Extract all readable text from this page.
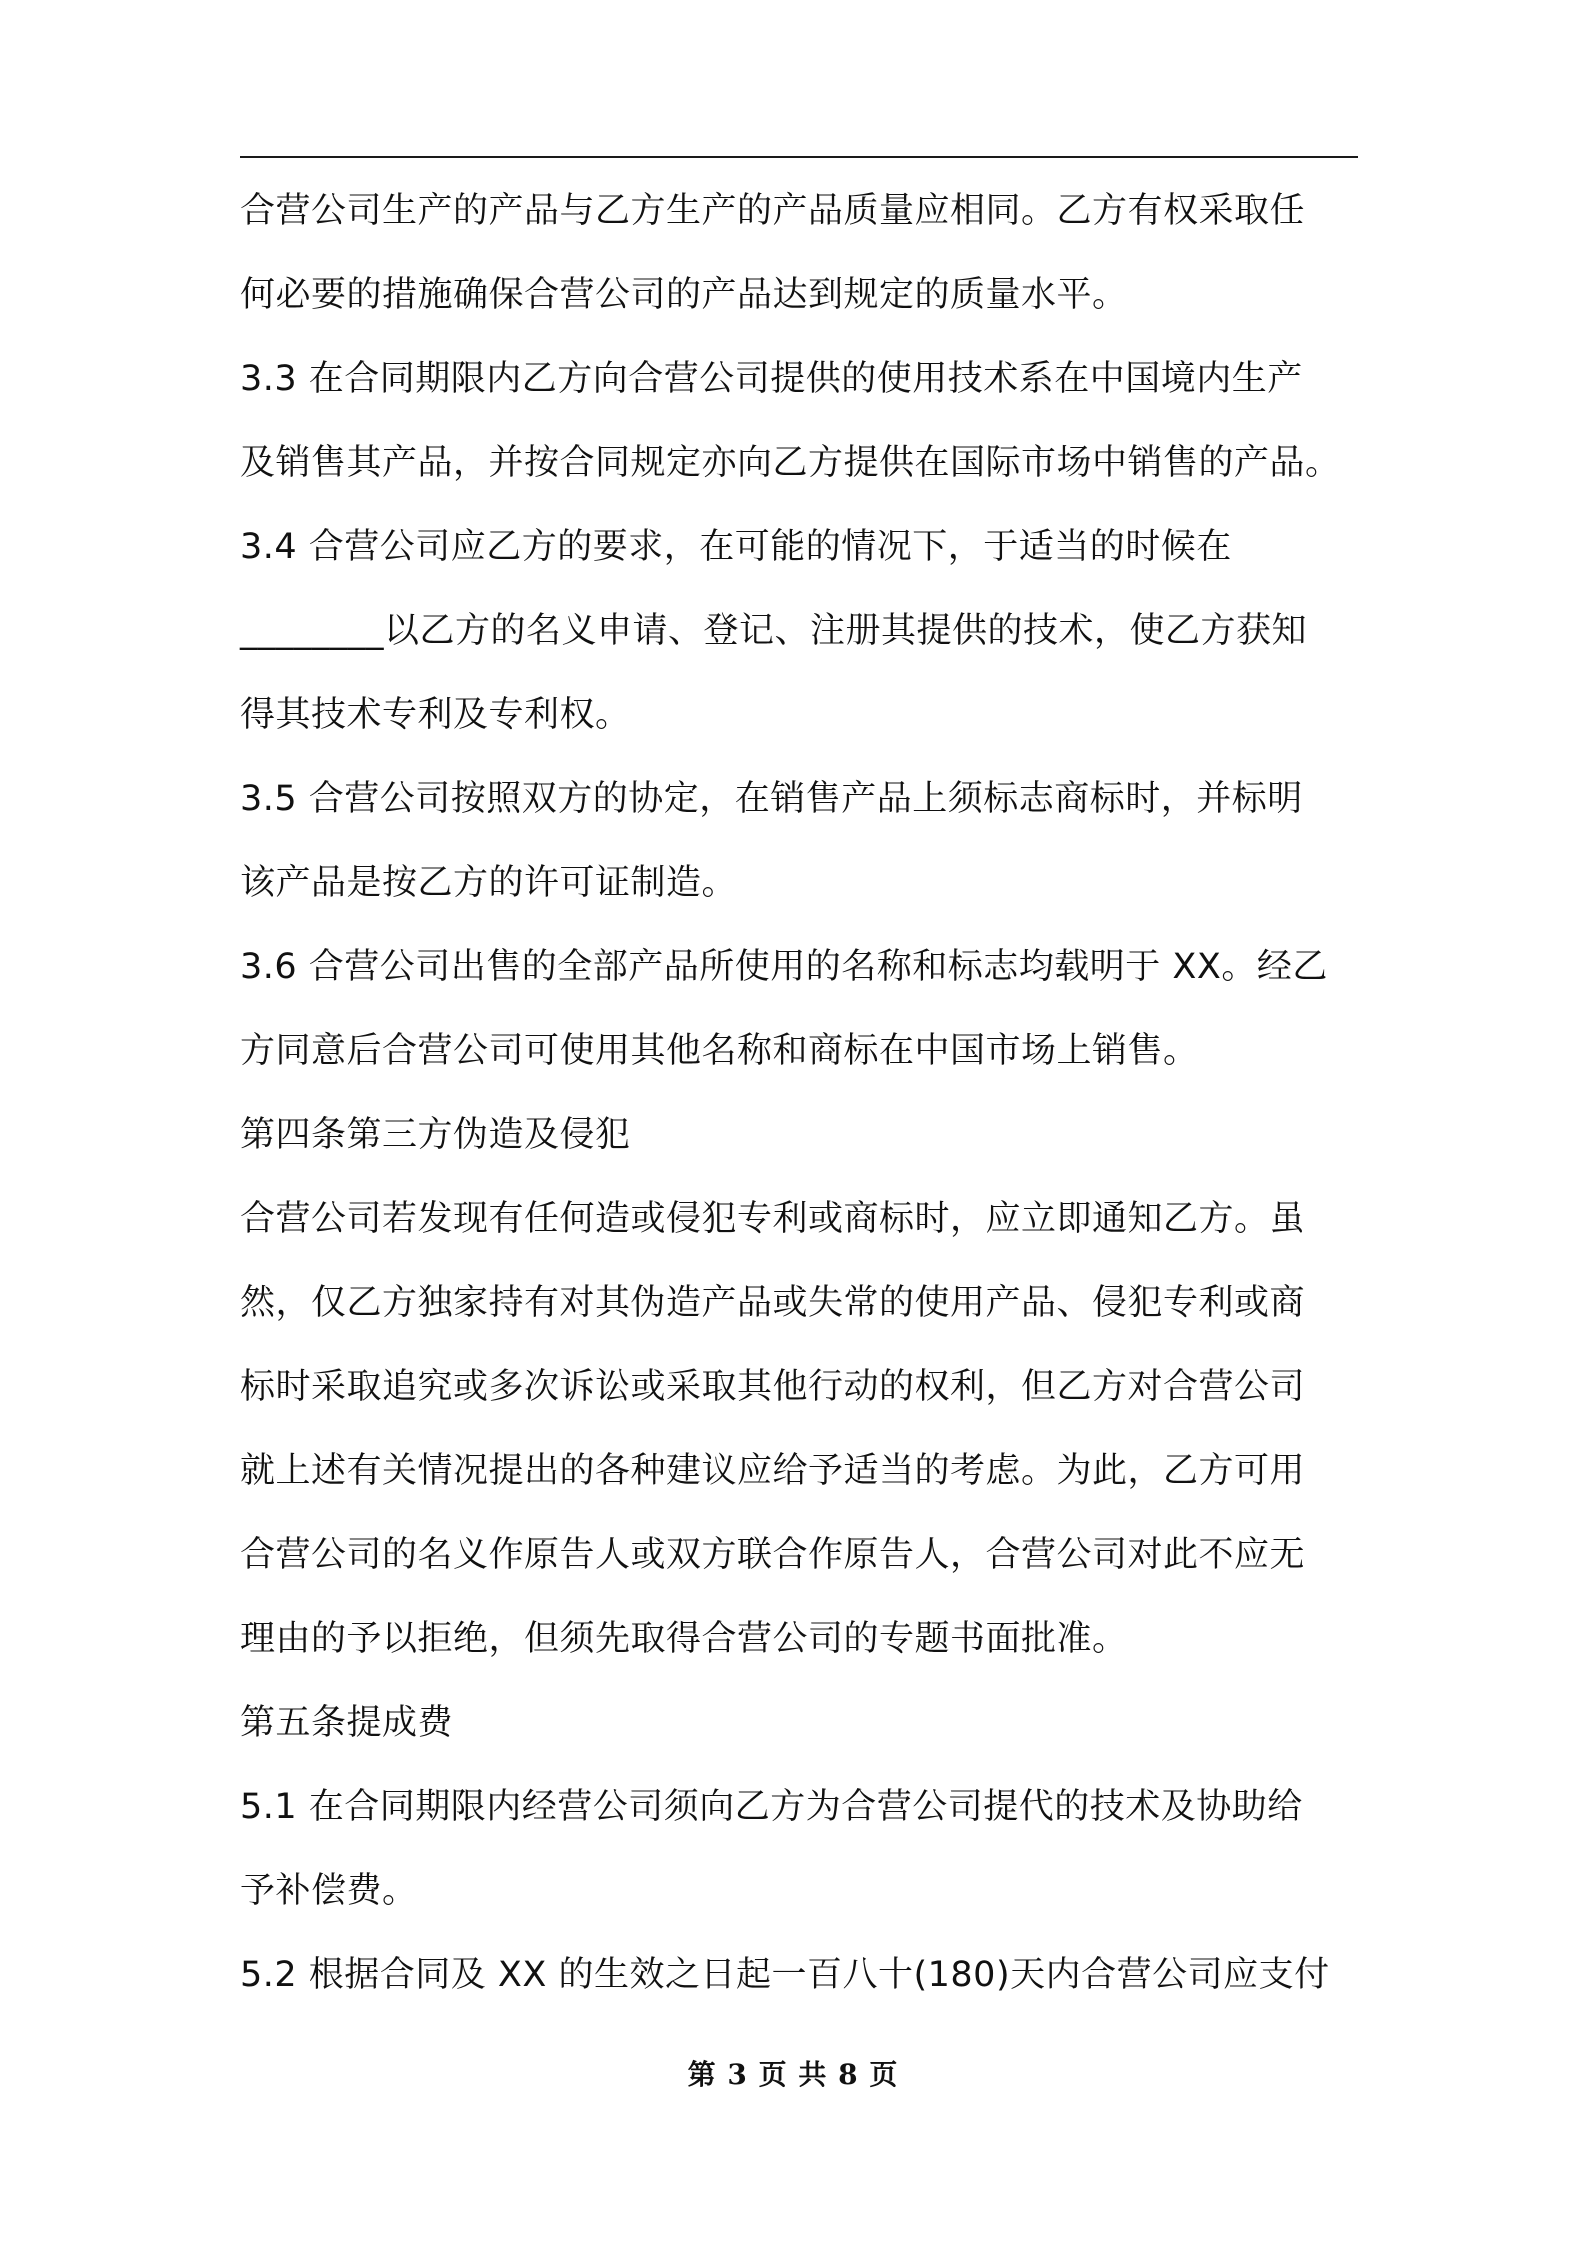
合营公司生产的产品与乙方生产的产品质量应相同。乙方有权采取任
何必要的措施确保合营公司的产品达到规定的质量水平。
3.3 在合同期限内乙方向合营公司提供的使用技术系在中国境内生产
及销售其产品，并按合同规定亦向乙方提供在国际市场中销售的产品。
3.4 合营公司应乙方的要求，在可能的情况下，于适当的时候在
________以乙方的名义申请、登记、注册其提供的技术，使乙方获知
得其技术专利及专利权。
3.5 合营公司按照双方的协定，在销售产品上须标志商标时，并标明
该产品是按乙方的许可证制造。
3.6 合营公司出售的全部产品所使用的名称和标志均载明于 XX。经乙
方同意后合营公司可使用其他名称和商标在中国市场上销售。
第四条第三方伪造及侵犯
合营公司若发现有任何造或侵犯专利或商标时，应立即通知乙方。虽
然，仅乙方独家持有对其伪造产品或失常的使用产品、侵犯专利或商
标时采取追究或多次诉讼或采取其他行动的权利，但乙方对合营公司
就上述有关情况提出的各种建议应给予适当的考虑。为此，乙方可用
合营公司的名义作原告人或双方联合作原告人，合营公司对此不应无
理由的予以拒绝，但须先取得合营公司的专题书面批准。
第五条提成费
5.1 在合同期限内经营公司须向乙方为合营公司提代的技术及协助给
予补偿费。
5.2 根据合同及 XX 的生效之日起一百八十(180)天内合营公司应支付
第 3 页 共 8 页
